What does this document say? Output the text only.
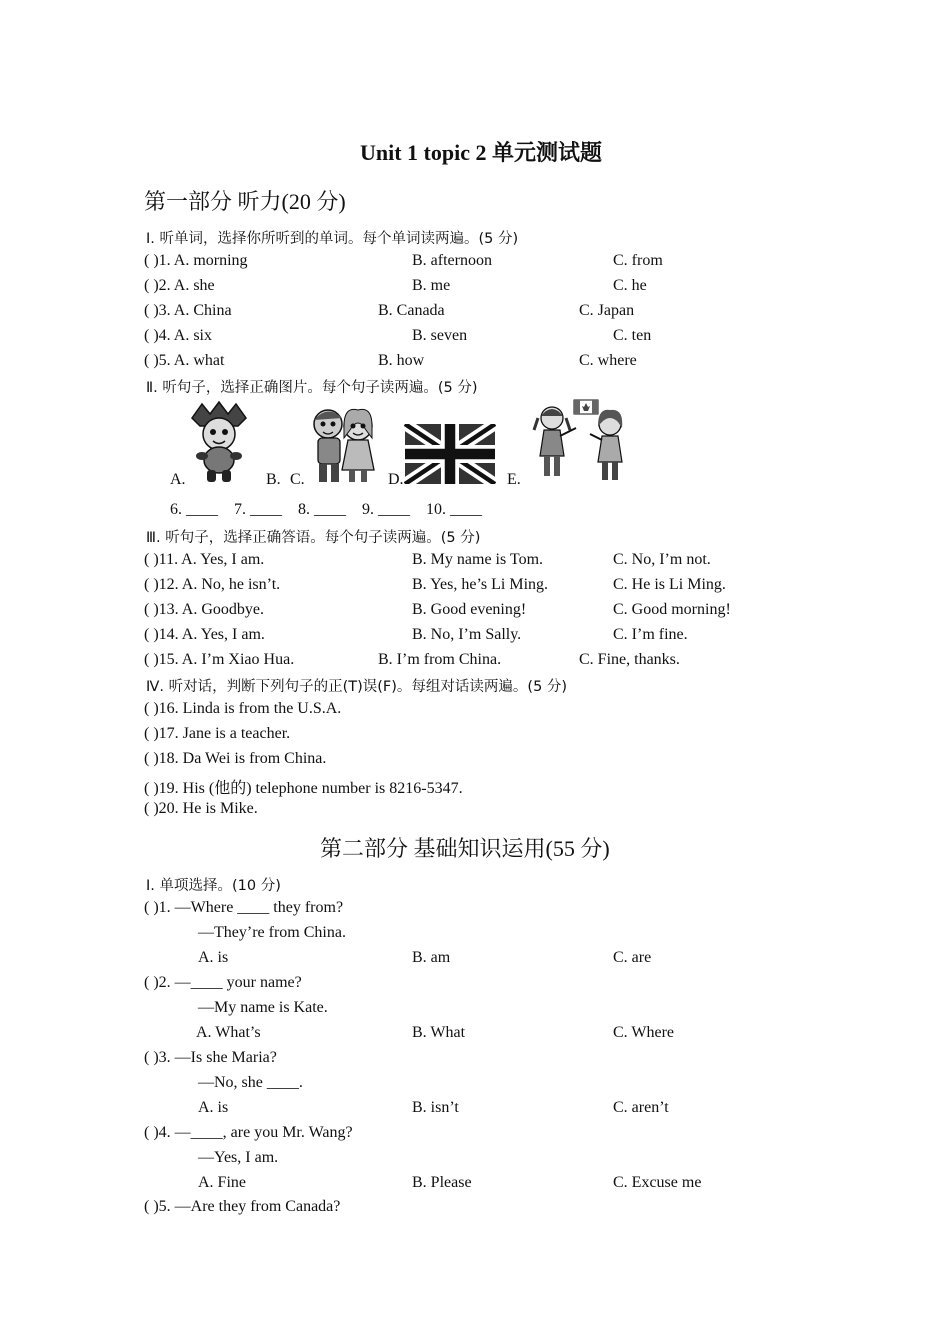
Unit 1 topic 2 单元测试题
第一部分 听力(20 分)
Ⅰ. 听单词，选择你所听到的单词。每个单词读两遍。(5 分)
( )1. A. morning	B. afternoon	C. from
( )2. A. she	B. me	C. he
( )3. A. China	B. Canada	C. Japan
( )4. A. six	B. seven	C. ten
( )5. A. what	B. how	C. where
Ⅱ. 听句子，选择正确图片。每个句子读两遍。(5 分)
A.	B. C.	D.	E.
6. ____    7. ____    8. ____    9. ____    10. ____
Ⅲ. 听句子，选择正确答语。每个句子读两遍。(5 分)
( )11. A. Yes, I am.	B. My name is Tom.	C. No, I’m not.
( )12. A. No, he isn’t.	B. Yes, he’s Li Ming.	C. He is Li Ming.
( )13. A. Goodbye.	B. Good evening!	C. Good morning!
( )14. A. Yes, I am.	B. No, I’m Sally.	C. I’m fine.
( )15. A. I’m Xiao Hua.	B. I’m from China.	C. Fine, thanks.
Ⅳ. 听对话，判断下列句子的正(T)误(F)。每组对话读两遍。(5 分)
( )16. Linda is from the U.S.A.
( )17. Jane is a teacher.
( )18. Da Wei is from China.
( )19. His (他的) telephone number is 8216-5347.
( )20. He is Mike.
第二部分 基础知识运用(55 分)
Ⅰ. 单项选择。(10 分)
( )1. —Where ____ they from?
—They’re from China.
A. is	B. am	C. are
( )2. —____ your name?
—My name is Kate.
A. What’s	B. What	C. Where
( )3. —Is she Maria?
—No, she ____.
A. is	B. isn’t	C. aren’t
( )4. —____, are you Mr. Wang?
—Yes, I am.
A. Fine	B. Please	C. Excuse me
( )5. —Are they from Canada?
